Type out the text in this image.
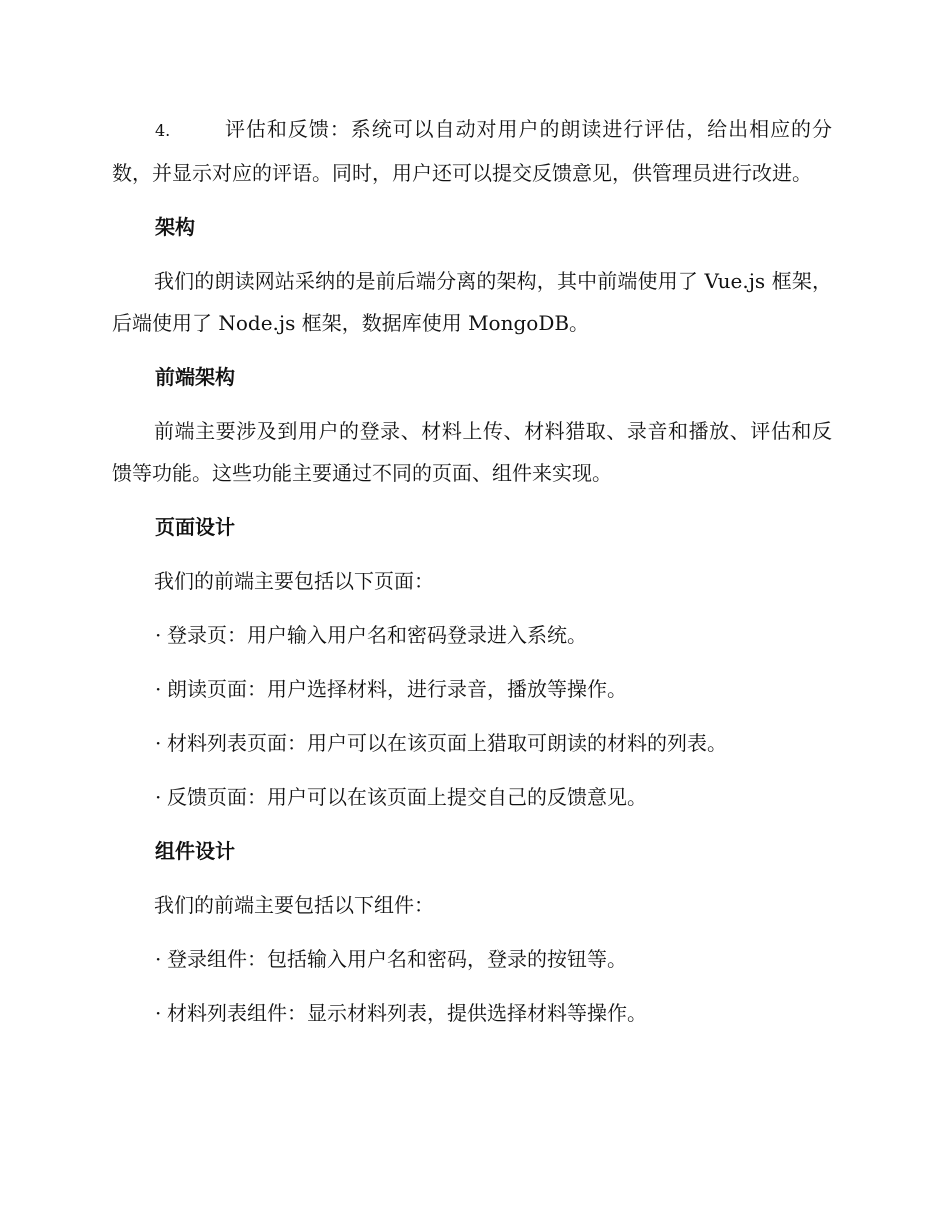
4.	评估和反馈：系统可以自动对用户的朗读进行评估，给出相应的分数，并显示对应的评语。同时，用户还可以提交反馈意见，供管理员进行改进。

架构

我们的朗读网站采纳的是前后端分离的架构，其中前端使用了 Vue.js 框架，后端使用了 Node.js 框架，数据库使用 MongoDB。

前端架构

前端主要涉及到用户的登录、材料上传、材料猎取、录音和播放、评估和反馈等功能。这些功能主要通过不同的页面、组件来实现。

页面设计

我们的前端主要包括以下页面：

· 登录页：用户输入用户名和密码登录进入系统。
· 朗读页面：用户选择材料，进行录音，播放等操作。
· 材料列表页面：用户可以在该页面上猎取可朗读的材料的列表。
· 反馈页面：用户可以在该页面上提交自己的反馈意见。
组件设计

我们的前端主要包括以下组件：

· 登录组件：包括输入用户名和密码，登录的按钮等。
· 材料列表组件：显示材料列表，提供选择材料等操作。
